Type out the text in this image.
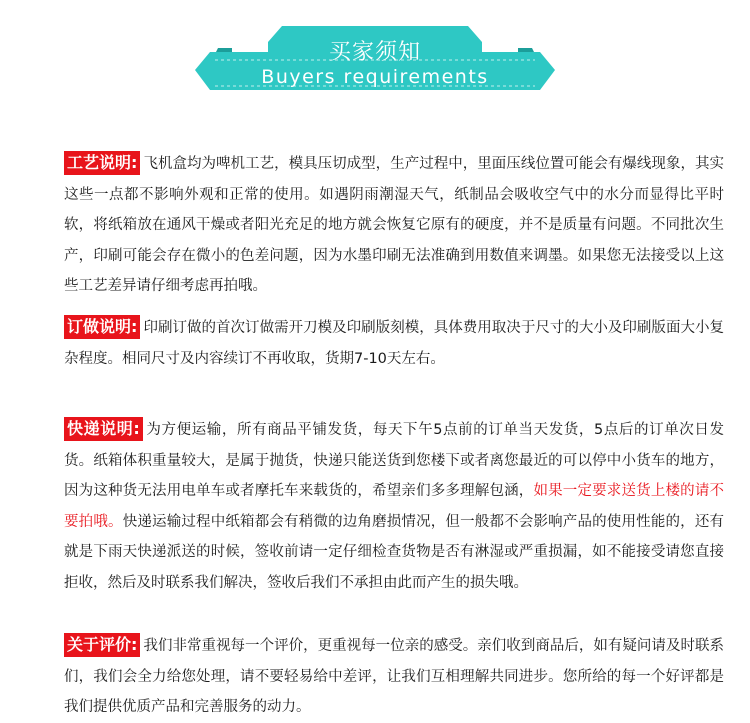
买家须知
Buyers requirements
工艺说明: 飞机盒均为啤机工艺，模具压切成型，生产过程中，里面压线位置可能会有爆线现象，其实这些一点都不影响外观和正常的使用。如遇阴雨潮湿天气，纸制品会吸收空气中的水分而显得比平时软，将纸箱放在通风干燥或者阳光充足的地方就会恢复它原有的硬度，并不是质量有问题。不同批次生产，印刷可能会存在微小的色差问题，因为水墨印刷无法准确到用数值来调墨。如果您无法接受以上这些工艺差异请仔细考虑再拍哦。
订做说明: 印刷订做的首次订做需开刀模及印刷版刻模，具体费用取决于尺寸的大小及印刷版面大小复杂程度。相同尺寸及内容续订不再收取，货期7-10天左右。
快递说明: 为方便运输，所有商品平铺发货，每天下午5点前的订单当天发货，5点后的订单次日发货。纸箱体积重量较大，是属于抛货，快递只能送货到您楼下或者离您最近的可以停中小货车的地方，因为这种货无法用电单车或者摩托车来载货的，希望亲们多多理解包涵，如果一定要求送货上楼的请不要拍哦。快递运输过程中纸箱都会有稍微的边角磨损情况，但一般都不会影响产品的使用性能的，还有就是下雨天快递派送的时候，签收前请一定仔细检查货物是否有淋湿或严重损漏，如不能接受请您直接拒收，然后及时联系我们解决，签收后我们不承担由此而产生的损失哦。
关于评价: 我们非常重视每一个评价，更重视每一位亲的感受。亲们收到商品后，如有疑问请及时联系们，我们会全力给您处理，请不要轻易给中差评，让我们互相理解共同进步。您所给的每一个好评都是我们提供优质产品和完善服务的动力。
